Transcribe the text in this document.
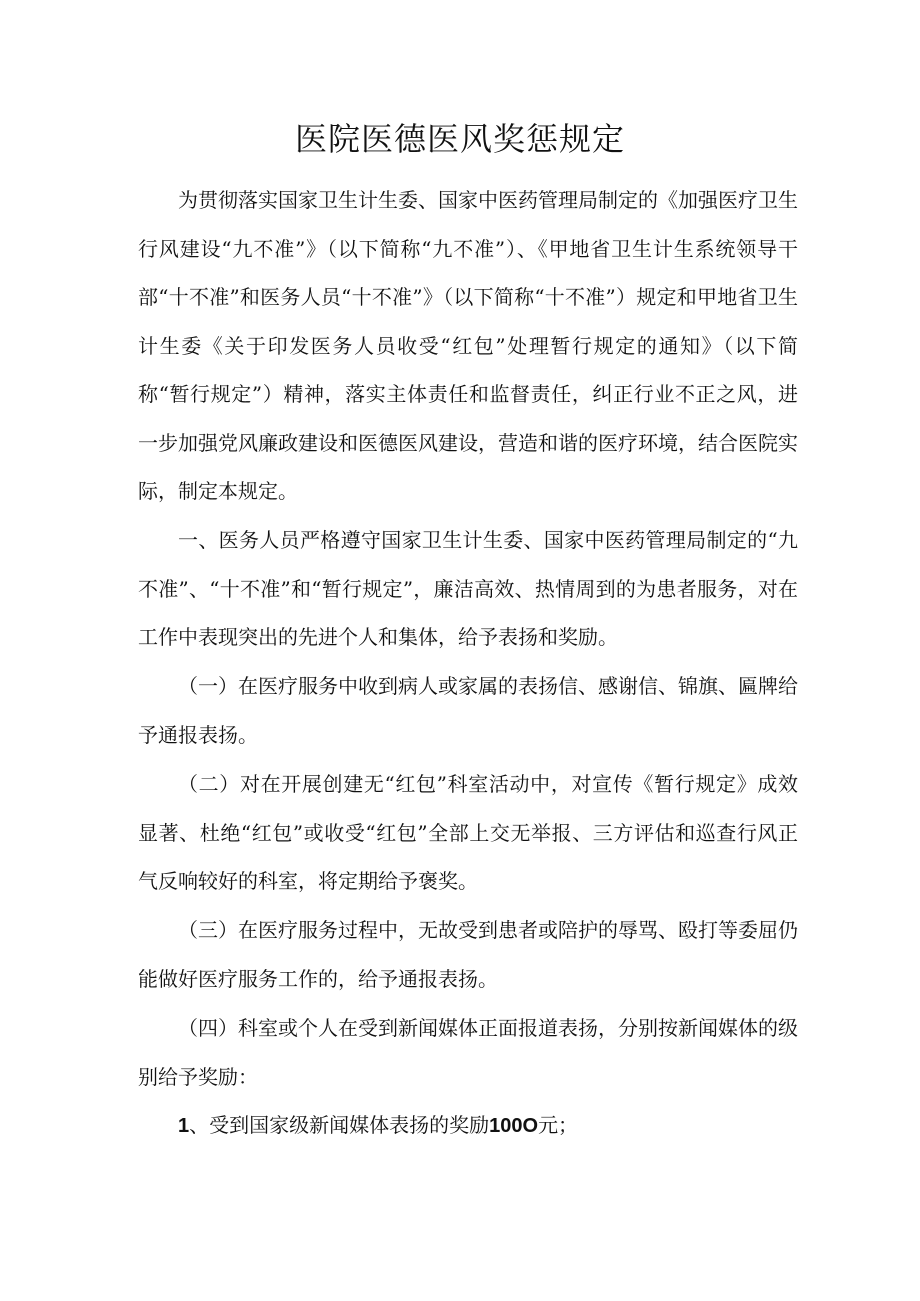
医院医德医风奖惩规定

为贯彻落实国家卫生计生委、国家中医药管理局制定的《加强医疗卫生行风建设“九不准”》（以下简称“九不准”）、《甲地省卫生计生系统领导干部“十不准”和医务人员“十不准”》（以下简称“十不准”）规定和甲地省卫生计生委《关于印发医务人员收受“红包”处理暂行规定的通知》（以下简称“暂行规定”）精神，落实主体责任和监督责任，纠正行业不正之风，进一步加强党风廉政建设和医德医风建设，营造和谐的医疗环境，结合医院实际，制定本规定。

一、医务人员严格遵守国家卫生计生委、国家中医药管理局制定的“九不准”、“十不准”和“暂行规定”，廉洁高效、热情周到的为患者服务，对在工作中表现突出的先进个人和集体，给予表扬和奖励。

（一）在医疗服务中收到病人或家属的表扬信、感谢信、锦旗、匾牌给予通报表扬。

（二）对在开展创建无“红包”科室活动中，对宣传《暂行规定》成效显著、杜绝“红包”或收受“红包”全部上交无举报、三方评估和巡查行风正气反响较好的科室，将定期给予褒奖。

（三）在医疗服务过程中，无故受到患者或陪护的辱骂、殴打等委屈仍能做好医疗服务工作的，给予通报表扬。

（四）科室或个人在受到新闻媒体正面报道表扬，分别按新闻媒体的级别给予奖励：

1、受到国家级新闻媒体表扬的奖励100O元；
